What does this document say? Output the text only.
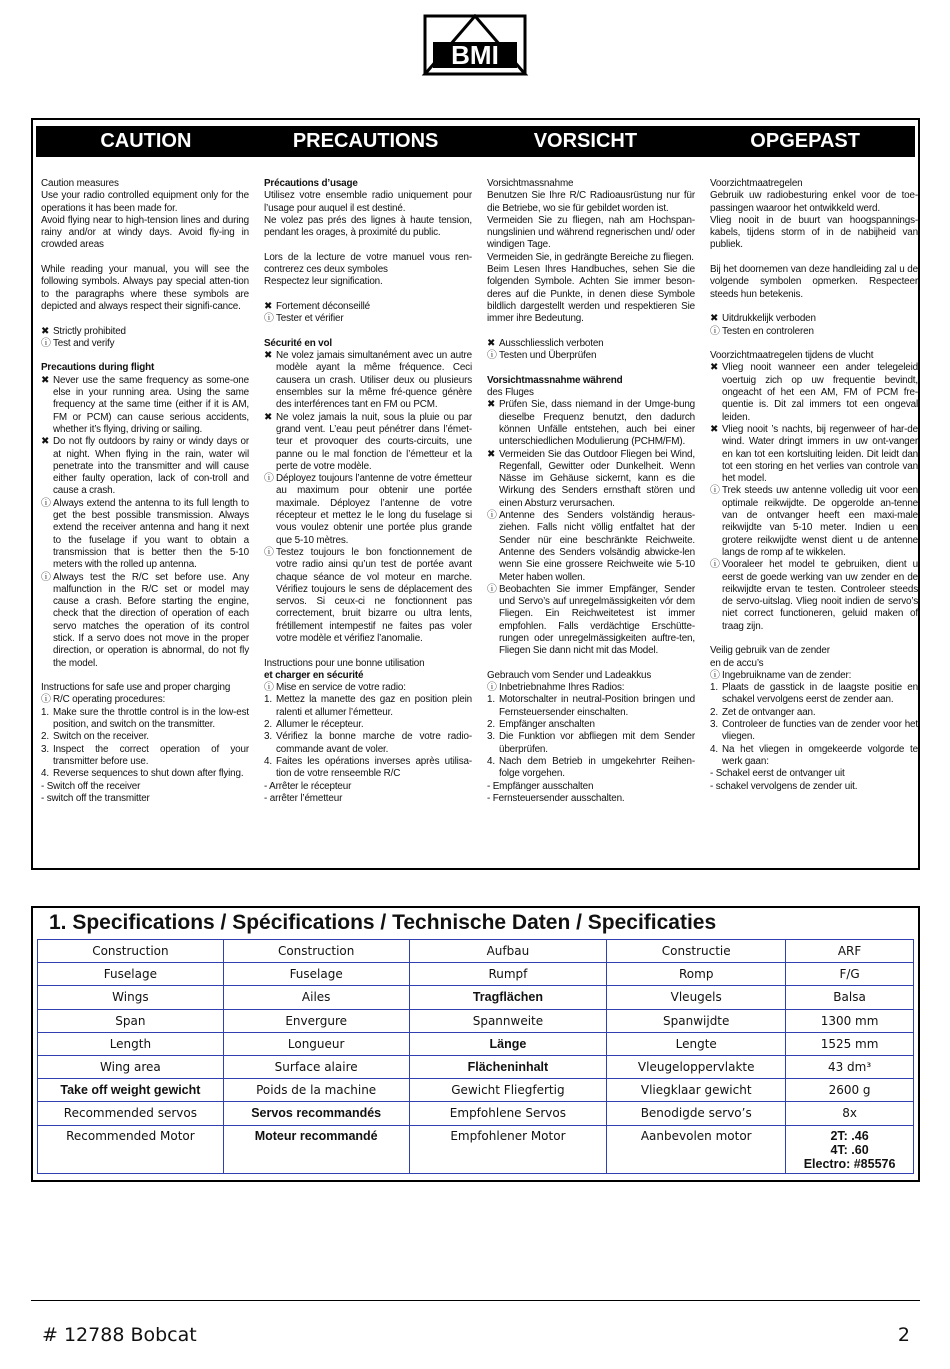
BMI
CAUTION	PRECAUTIONS	VORSICHT	OPGEPAST

Caution measures

Use your radio controlled equipment only for the operations it has been made for.

Avoid flying near to high-tension lines and during rainy and/or at windy days. Avoid fly-ing in crowded areas

While reading your manual, you will see the following symbols. Always pay special atten-tion to the paragraphs where these symbols are depicted and always respect their signifi-cance.

✖ Strictly prohibited
ⓘ Test and verify

Precautions during flight

✖ Never use the same frequency as some-one else in your running area. Using the same frequency at the same time (either if it is AM, FM or PCM) can cause serious accidents, whether it’s flying, driving or sailing.
✖ Do not fly outdoors by rainy or windy days or at night. When flying in the rain, water wil penetrate into the transmitter and will cause either faulty operation, lack of con-troll and cause a crash.
ⓘ Always extend the antenna to its full length to get the best possible transmission. Always extend the receiver antenna and hang it next to the fuselage if you want to obtain a transmission that is better then the 5-10 meters with the rolled up antenna.
ⓘ Always test the R/C set before use. Any malfunction in the R/C set or model may cause a crash. Before starting the engine, check that the direction of operation of each servo matches the operation of its control stick. If a servo does not move in the proper direction, or operation is abnormal, do not fly the model.

Instructions for safe use and proper charging

ⓘ R/C operating procedures:
1. Make sure the throttle control is in the low-est position, and switch on the transmitter.
2. Switch on the receiver.
3. Inspect the correct operation of your transmitter before use.
4. Reverse sequences to shut down after flying.

- Switch off the receiver

- switch off the transmitter

Précautions d’usage

Utilisez votre ensemble radio uniquement pour l’usage pour auquel il est destiné.

Ne volez pas prés des lignes à haute tension, pendant les orages, à proximité du public.

Lors de la lecture de votre manuel vous ren-contrerez ces deux symboles

Respectez leur signification.

✖ Fortement déconseillé
ⓘ Tester et vérifier

Sécurité en vol

✖ Ne volez jamais simultanément avec un autre modèle ayant la même fréquence. Ceci causera un crash. Utiliser deux ou plusieurs ensembles sur la même fré-quence génère des interférences tant en FM ou PCM.
✖ Ne volez jamais la nuit, sous la pluie ou par grand vent. L’eau peut pénétrer dans l’émet-teur et provoquer des courts-circuits, une panne ou le mal fonction de l’émetteur et la perte de votre modèle.
ⓘ Déployez toujours l’antenne de votre émetteur au maximum pour obtenir une portée maximale. Déployez l’antenne de votre récepteur et mettez le le long du fuselage si vous voulez obtenir une portée plus grande que 5-10 mètres.
ⓘ Testez toujours le bon fonctionnement de votre radio ainsi qu’un test de portée avant chaque séance de vol moteur en marche. Vérifiez toujours le sens de déplacement des servos. Si ceux-ci ne fonctionnent pas correctement, bruit bizarre ou ultra lents, frétillement intempestif ne faites pas voler votre modèle et vérifiez l’anomalie.

Instructions pour une bonne utilisation

et charger en sécurité

ⓘ Mise en service de votre radio:
1. Mettez la manette des gaz en position plein ralenti et allumer l’émetteur.
2. Allumer le récepteur.
3. Vérifiez la bonne marche de votre radio-commande avant de voler.
4. Faites les opérations inverses après utilisa-tion de votre renseemble R/C

- Arrêter le récepteur

- arrêter l’émetteur

Vorsichtmassnahme

Benutzen Sie Ihre R/C Radioausrüstung nur für die Betriebe, wo sie für gebildet worden ist.

Vermeiden Sie zu fliegen, nah am Hochspan-nungslinien und während regnerischen und/ oder windigen Tage.

Vermeiden Sie, in gedrängte Bereiche zu fliegen.

Beim Lesen Ihres Handbuches, sehen Sie die folgenden Symbole. Achten Sie immer beson-deres auf die Punkte, in denen diese Symbole bildlich dargestellt werden und respektieren Sie immer ihre Bedeutung.

✖ Ausschliesslich verboten
ⓘ Testen und Überprüfen

Vorsichtmassnahme während

des Fluges

✖ Prüfen Sie, dass niemand in der Umge-bung dieselbe Frequenz benutzt, den dadurch können Unfälle entstehen, auch bei einer unterschiedlichen Modulierung (PCHM/FM).
✖ Vermeiden Sie das Outdoor Fliegen bei Wind, Regenfall, Gewitter oder Dunkelheit. Wenn Nässe im Gehäuse sickernt, kann es die Wirkung des Senders ernsthaft stören und einen Absturz verursachen.
ⓘ Antenne des Senders volständig heraus-ziehen. Falls nicht völlig entfaltet hat der Sender nür eine beschränkte Reichweite. Antenne des Senders volsändig abwicke-len wenn Sie eine grossere Reichweite wie 5-10 Meter haben wollen.
ⓘ Beobachten Sie immer Empfänger, Sender und Servo’s auf unregelmässigkeiten vór dem Fliegen. Ein Reichweitetest ist immer empfohlen. Falls verdächtige Erschütte-rungen oder unregelmässigkeiten auftre-ten, Fliegen Sie dann nicht mit das Model.

Gebrauch vom Sender und Ladeakkus

ⓘ Inbetriebnahme Ihres Radios:
1. Motorschalter in neutral-Position bringen und Fernsteuersender einschalten.
2. Empfänger anschalten
3. Die Funktion vor abfliegen mit dem Sender überprüfen.
4. Nach dem Betrieb in umgekehrter Reihen-folge vorgehen.

- Empfänger ausschalten

- Fernsteuersender ausschalten.

Voorzichtmaatregelen

Gebruik uw radiobesturing enkel voor de toe-passingen waaroor het ontwikkeld werd.

Vlieg nooit in de buurt van hoogspannings-kabels, tijdens storm of in de nabijheid van publiek.

Bij het doornemen van deze handleiding zal u de volgende symbolen opmerken. Respecteer steeds hun betekenis.

✖ Uitdrukkelijk verboden
ⓘ Testen en controleren

Voorzichtmaatregelen tijdens de vlucht

✖ Vlieg nooit wanneer een ander telegeleid voertuig zich op uw frequentie bevindt, ongeacht of het een AM, FM of PCM fre-quentie is. Dit zal immers tot een ongeval leiden.
✖ Vlieg nooit ’s nachts, bij regenweer of har-de wind. Water dringt immers in uw ont-vanger en kan tot een kortsluiting leiden. Dit leidt dan tot een storing en het verlies van controle van het model.
ⓘ Trek steeds uw antenne volledig uit voor een optimale reikwijdte. De opgerolde an-tenne van de ontvanger heeft een maxi-male reikwijdte van 5-10 meter. Indien u een grotere reikwijdte wenst dient u de antenne langs de romp af te wikkelen.
ⓘ Vooraleer het model te gebruiken, dient u eerst de goede werking van uw zender en de reikwijdte ervan te testen. Controleer steeds de servo-uitslag. Vlieg nooit indien de servo’s niet correct functioneren, geluid maken of traag zijn.

Veilig gebruik van de zender

en de accu’s

ⓘ Ingebruikname van de zender:
1. Plaats de gasstick in de laagste positie en schakel vervolgens eerst de zender aan.
2. Zet de ontvanger aan.
3. Controleer de functies van de zender voor het vliegen.
4. Na het vliegen in omgekeerde volgorde te werk gaan:

- Schakel eerst de ontvanger uit

- schakel vervolgens de zender uit.

1. Specifications / Spécifications / Technische Daten / Specificaties
Construction	Construction	Aufbau	Constructie	ARF
Fuselage	Fuselage	Rumpf	Romp	F/G
Wings	Ailes	Tragflächen	Vleugels	Balsa
Span	Envergure	Spannweite	Spanwijdte	1300 mm
Length	Longueur	Länge	Lengte	1525 mm
Wing area	Surface alaire	Flächeninhalt	Vleugeloppervlakte	43 dm³
Take off weight gewicht	Poids de la machine	Gewicht Fliegfertig	Vliegklaar gewicht	2600 g
Recommended servos	Servos recommandés	Empfohlene Servos	Benodigde servo’s	8x
Recommended Motor	Moteur recommandé	Empfohlener Motor	Aanbevolen motor	2T: .46
4T: .60
Electro: #85576
# 12788 Bobcat	2
